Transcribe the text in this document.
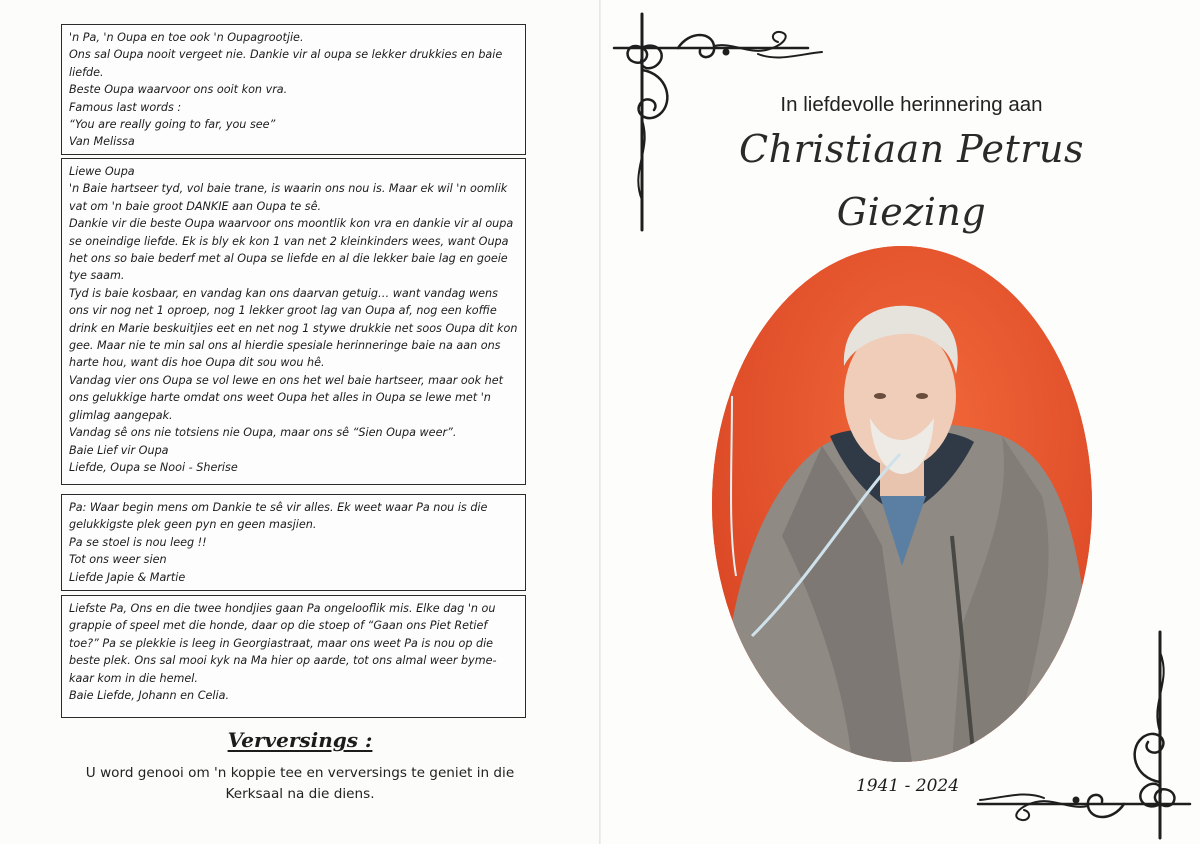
'n Pa, 'n Oupa en toe ook 'n Oupagrootjie.

Ons sal Oupa nooit vergeet nie. Dankie vir al oupa se lekker drukkies en baie liefde.

Beste Oupa waarvoor ons ooit kon vra.

Famous last words :

“You are really going to far, you see”

Van Melissa

Liewe Oupa

'n Baie hartseer tyd, vol baie trane, is waarin ons nou is. Maar ek wil 'n oomlik vat om 'n baie groot DANKIE aan Oupa te sê.

Dankie vir die beste Oupa waarvoor ons moontlik kon vra en dankie vir al oupa se oneindige liefde. Ek is bly ek kon 1 van net 2 kleinkinders wees, want Oupa het ons so baie bederf met al Oupa se liefde en al die lekker baie lag en goeie tye saam.

Tyd is baie kosbaar, en vandag kan ons daarvan getuig… want vandag wens ons vir nog net 1 oproep, nog 1 lekker groot lag van Oupa af, nog een koffie drink en Marie beskuitjies eet en net nog 1 stywe drukkie net soos Oupa dit kon gee. Maar nie te min sal ons al hierdie spesiale herinneringe baie na aan ons harte hou, want dis hoe Oupa dit sou wou hê.

Vandag vier ons Oupa se vol lewe en ons het wel baie hartseer, maar ook het ons gelukkige harte omdat ons weet Oupa het alles in Oupa se lewe met 'n glimlag aangepak.

Vandag sê ons nie totsiens nie Oupa, maar ons sê “Sien Oupa weer”.

Baie Lief vir Oupa

Liefde, Oupa se Nooi - Sherise

Pa: Waar begin mens om Dankie te sê vir alles. Ek weet waar Pa nou is die gelukkigste plek geen pyn en geen masjien.

Pa se stoel is nou leeg !!

Tot ons weer sien

Liefde Japie & Martie

Liefste Pa, Ons en die twee hondjies gaan Pa ongelooflik mis. Elke dag 'n ou grappie of speel met die honde, daar op die stoep of “Gaan ons Piet Retief toe?” Pa se plekkie is leeg in Georgiastraat, maar ons weet Pa is nou op die beste plek. Ons sal mooi kyk na Ma hier op aarde, tot ons almal weer byme-kaar kom in die hemel.

Baie Liefde, Johann en Celia.

Verversings :
U word genooi om 'n koppie tee en verversings te geniet in die
Kerksaal na die diens.
In liefdevolle herinnering aan
Christiaan Petrus
Giezing
1941 - 2024
